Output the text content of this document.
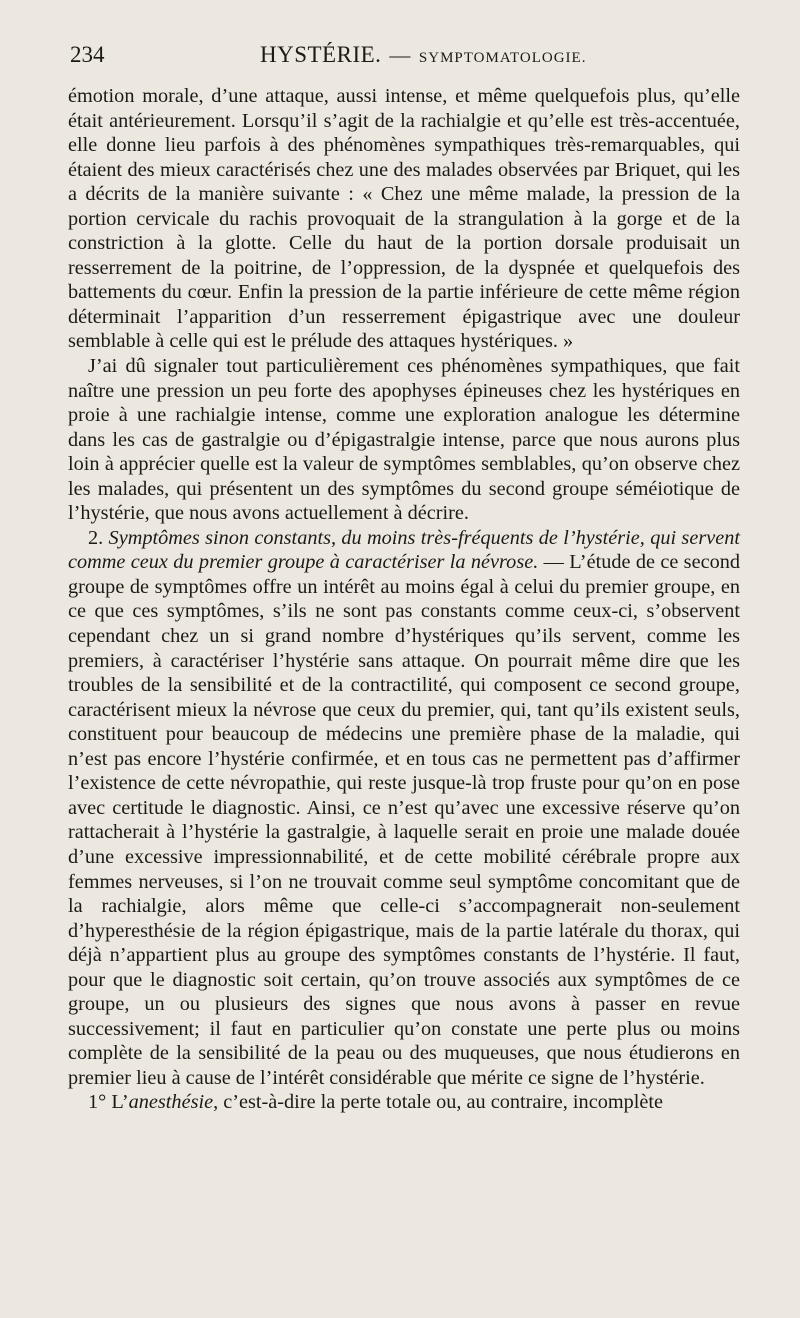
234	HYSTÉRIE. — SYMPTOMATOLOGIE.

émotion morale, d’une attaque, aussi intense, et même quelquefois plus, qu’elle était antérieurement. Lorsqu’il s’agit de la rachialgie et qu’elle est très-accentuée, elle donne lieu parfois à des phénomènes sympathiques très-remarquables, qui étaient des mieux caractérisés chez une des malades observées par Briquet, qui les a décrits de la manière suivante : « Chez une même malade, la pression de la portion cervicale du rachis provoquait de la strangulation à la gorge et de la constriction à la glotte. Celle du haut de la portion dorsale produisait un resserrement de la poitrine, de l’oppression, de la dyspnée et quelquefois des battements du cœur. Enfin la pression de la partie inférieure de cette même région déterminait l’apparition d’un resserrement épigastrique avec une douleur semblable à celle qui est le prélude des attaques hystériques. »

J’ai dû signaler tout particulièrement ces phénomènes sympathiques, que fait naître une pression un peu forte des apophyses épineuses chez les hystériques en proie à une rachialgie intense, comme une exploration analogue les détermine dans les cas de gastralgie ou d’épigastralgie intense, parce que nous aurons plus loin à apprécier quelle est la valeur de symptômes semblables, qu’on observe chez les malades, qui présentent un des symptômes du second groupe séméiotique de l’hystérie, que nous avons actuellement à décrire.

2. Symptômes sinon constants, du moins très-fréquents de l’hystérie, qui servent comme ceux du premier groupe à caractériser la névrose. — L’étude de ce second groupe de symptômes offre un intérêt au moins égal à celui du premier groupe, en ce que ces symptômes, s’ils ne sont pas constants comme ceux-ci, s’observent cependant chez un si grand nombre d’hystériques qu’ils servent, comme les premiers, à caractériser l’hystérie sans attaque. On pourrait même dire que les troubles de la sensibilité et de la contractilité, qui composent ce second groupe, caractérisent mieux la névrose que ceux du premier, qui, tant qu’ils existent seuls, constituent pour beaucoup de médecins une première phase de la maladie, qui n’est pas encore l’hystérie confirmée, et en tous cas ne permettent pas d’affirmer l’existence de cette névropathie, qui reste jusque-là trop fruste pour qu’on en pose avec certitude le diagnostic. Ainsi, ce n’est qu’avec une excessive réserve qu’on rattacherait à l’hystérie la gastralgie, à laquelle serait en proie une malade douée d’une excessive impressionnabilité, et de cette mobilité cérébrale propre aux femmes nerveuses, si l’on ne trouvait comme seul symptôme concomitant que de la rachialgie, alors même que celle-ci s’accompagnerait non-seulement d’hyperesthésie de la région épigastrique, mais de la partie latérale du thorax, qui déjà n’appartient plus au groupe des symptômes constants de l’hystérie. Il faut, pour que le diagnostic soit certain, qu’on trouve associés aux symptômes de ce groupe, un ou plusieurs des signes que nous avons à passer en revue successivement; il faut en particulier qu’on constate une perte plus ou moins complète de la sensibilité de la peau ou des muqueuses, que nous étudierons en premier lieu à cause de l’intérêt considérable que mérite ce signe de l’hystérie.

1° L’anesthésie, c’est-à-dire la perte totale ou, au contraire, incomplète
